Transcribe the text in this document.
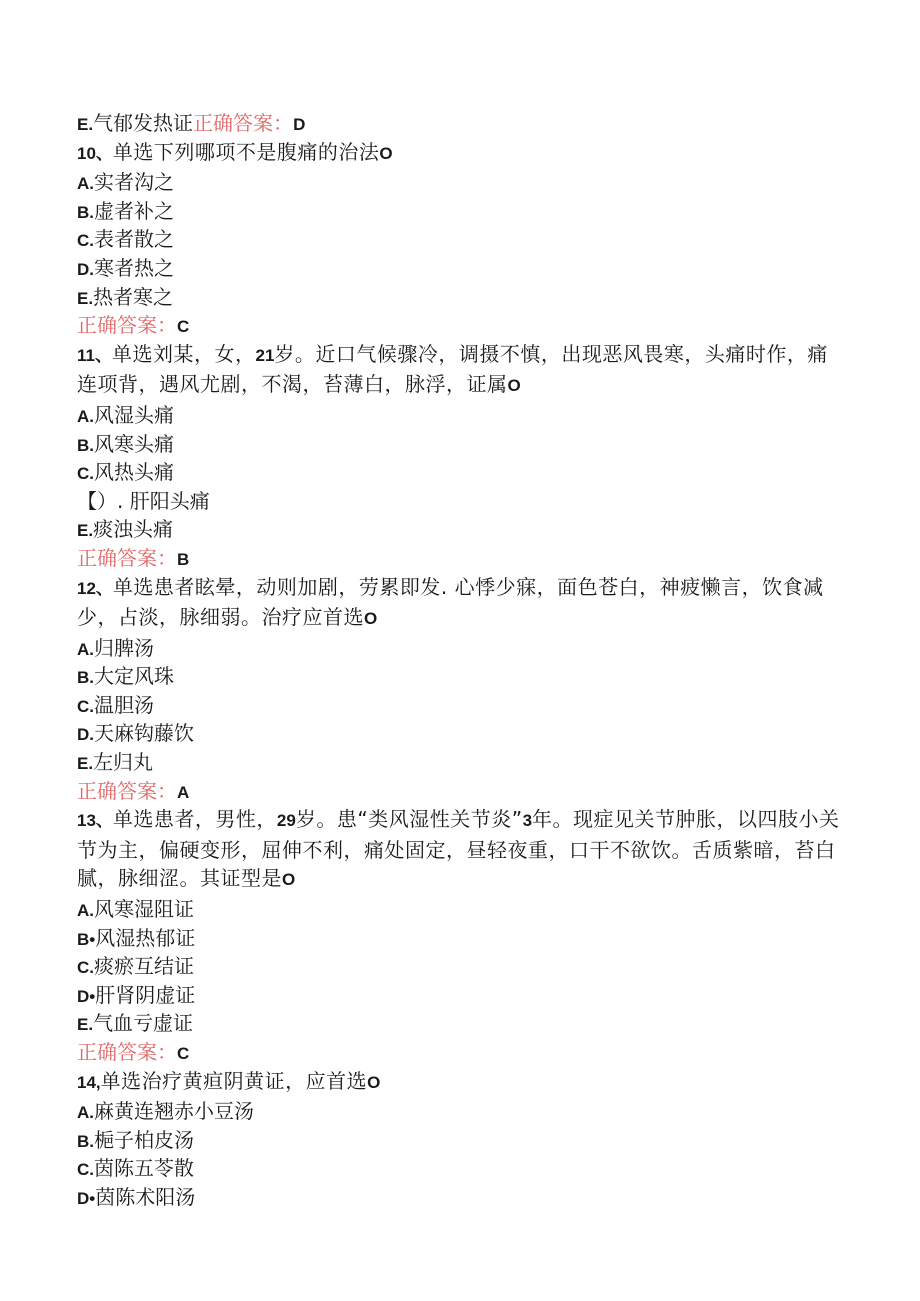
E.气郁发热证正确答案：D
10、单选下列哪项不是腹痛的治法O
A.实者沟之
B.虚者补之
C.表者散之
D.寒者热之
E.热者寒之
正确答案：C
11、单选刘某，女，21岁。近口气候骤冷，调摄不慎，出现恶风畏寒，头痛时作，痛连项背，遇风尤剧，不渴，苔薄白，脉浮，证属O
A.风湿头痛
B.风寒头痛
C.风热头痛
【）. 肝阳头痛
E.痰浊头痛
正确答案：B
12、单选患者眩晕，动则加剧，劳累即发. 心悸少寐，面色苍白，神疲懒言，饮食减少，占淡，脉细弱。治疗应首选O
A.归脾汤
B.大定风珠
C.温胆汤
D.天麻钩藤饮
E.左归丸
正确答案：A
13、单选患者，男性，29岁。患“类风湿性关节炎”3年。现症见关节肿胀，以四肢小关节为主，偏硬变形，屈伸不利，痛处固定，昼轻夜重，口干不欲饮。舌质紫暗，苔白腻，脉细涩。其证型是O
A.风寒湿阻证
B•风湿热郁证
C.痰瘀互结证
D•肝肾阴虚证
E.气血亏虚证
正确答案：C
14,单选治疗黄疸阴黄证，应首选O
A.麻黄连翘赤小豆汤
B.梔子柏皮汤
C.茵陈五苓散
D•茵陈术阳汤
